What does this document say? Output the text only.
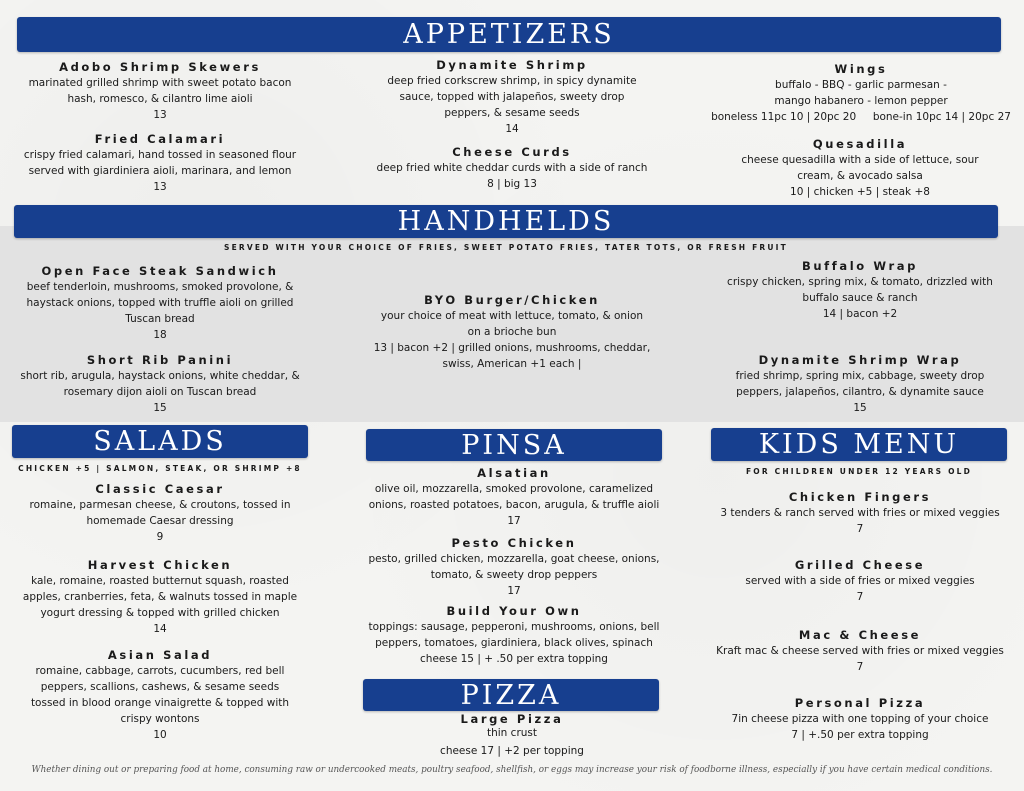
APPETIZERS
Adobo Shrimp Skewers
marinated grilled shrimp with sweet potato bacon
hash, romesco, & cilantro lime aioli
13
Fried Calamari
crispy fried calamari, hand tossed in seasoned flour
served with giardiniera aioli, marinara, and lemon
13
Dynamite Shrimp
deep fried corkscrew shrimp, in spicy dynamite
sauce, topped with jalapeños, sweety drop
peppers, & sesame seeds
14
Cheese Curds
deep fried white cheddar curds with a side of ranch
8 | big 13
Wings
buffalo - BBQ - garlic parmesan -
mango habanero - lemon pepper
boneless 11pc 10 | 20pc 20     bone-in 10pc 14 | 20pc 27
Quesadilla
cheese quesadilla with a side of lettuce, sour
cream, & avocado salsa
10 | chicken +5 | steak +8
HANDHELDS
SERVED WITH YOUR CHOICE OF FRIES, SWEET POTATO FRIES, TATER TOTS, OR FRESH FRUIT
Open Face Steak Sandwich
beef tenderloin, mushrooms, smoked provolone, &
haystack onions, topped with truffle aioli on grilled
Tuscan bread
18
Short Rib Panini
short rib, arugula, haystack onions, white cheddar, &
rosemary dijon aioli on Tuscan bread
15
BYO Burger/Chicken
your choice of meat with lettuce, tomato, & onion
on a brioche bun
13 | bacon +2 | grilled onions, mushrooms, cheddar,
swiss, American +1 each |
Buffalo Wrap
crispy chicken, spring mix, & tomato, drizzled with
buffalo sauce & ranch
14 | bacon +2
Dynamite Shrimp Wrap
fried shrimp, spring mix, cabbage, sweety drop
peppers, jalapeños, cilantro, & dynamite sauce
15
SALADS
CHICKEN +5 | SALMON, STEAK, OR SHRIMP +8
Classic Caesar
romaine, parmesan cheese, & croutons, tossed in
homemade Caesar dressing
9
Harvest Chicken
kale, romaine, roasted butternut squash, roasted
apples, cranberries, feta, & walnuts tossed in maple
yogurt dressing & topped with grilled chicken
14
Asian Salad
romaine, cabbage, carrots, cucumbers, red bell
peppers, scallions, cashews, & sesame seeds
tossed in blood orange vinaigrette & topped with
crispy wontons
10
PINSA
Alsatian
olive oil, mozzarella, smoked provolone, caramelized
onions, roasted potatoes, bacon, arugula, & truffle aioli
17
Pesto Chicken
pesto, grilled chicken, mozzarella, goat cheese, onions,
tomato, & sweety drop peppers
17
Build Your Own
toppings: sausage, pepperoni, mushrooms, onions, bell
peppers, tomatoes, giardiniera, black olives, spinach
cheese 15 | + .50 per extra topping
PIZZA
Large Pizza
thin crust
cheese 17 | +2 per topping
KIDS MENU
FOR CHILDREN UNDER 12 YEARS OLD
Chicken Fingers
3 tenders & ranch served with fries or mixed veggies
7
Grilled Cheese
served with a side of fries or mixed veggies
7
Mac & Cheese
Kraft mac & cheese served with fries or mixed veggies
7
Personal Pizza
7in cheese pizza with one topping of your choice
7 | +.50 per extra topping
Whether dining out or preparing food at home, consuming raw or undercooked meats, poultry seafood, shellfish, or eggs may increase your risk of foodborne illness, especially if you have certain medical conditions.
